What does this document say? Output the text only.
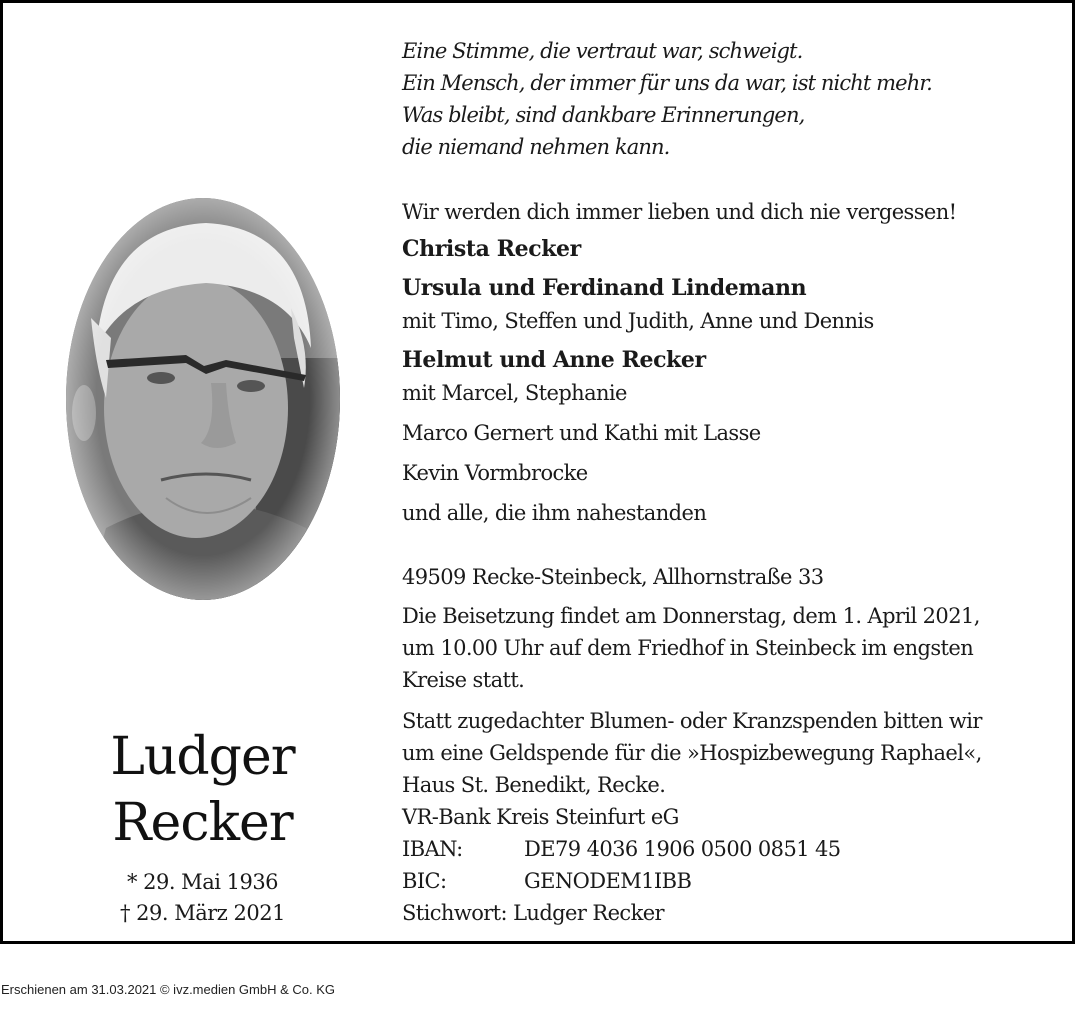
Ludger
Recker
* 29. Mai 1936
† 29. März 2021
Eine Stimme, die vertraut war, schweigt.
Ein Mensch, der immer für uns da war, ist nicht mehr.
Was bleibt, sind dankbare Erinnerungen,
die niemand nehmen kann.
Wir werden dich immer lieben und dich nie vergessen!
Christa Recker
Ursula und Ferdinand Lindemann
mit Timo, Steffen und Judith, Anne und Dennis
Helmut und Anne Recker
mit Marcel, Stephanie
Marco Gernert und Kathi mit Lasse
Kevin Vormbrocke
und alle, die ihm nahestanden
49509 Recke-Steinbeck, Allhornstraße 33
Die Beisetzung findet am Donnerstag, dem 1. April 2021,
um 10.00 Uhr auf dem Friedhof in Steinbeck im engsten
Kreise statt.
Statt zugedachter Blumen- oder Kranzspenden bitten wir
um eine Geldspende für die »Hospizbewegung Raphael«,
Haus St. Benedikt, Recke.
VR-Bank Kreis Steinfurt eG
IBAN:	DE79 4036 1906 0500 0851 45
BIC:	GENODEM1IBB
Stichwort: Ludger Recker
Erschienen am 31.03.2021 © ivz.medien GmbH & Co. KG
